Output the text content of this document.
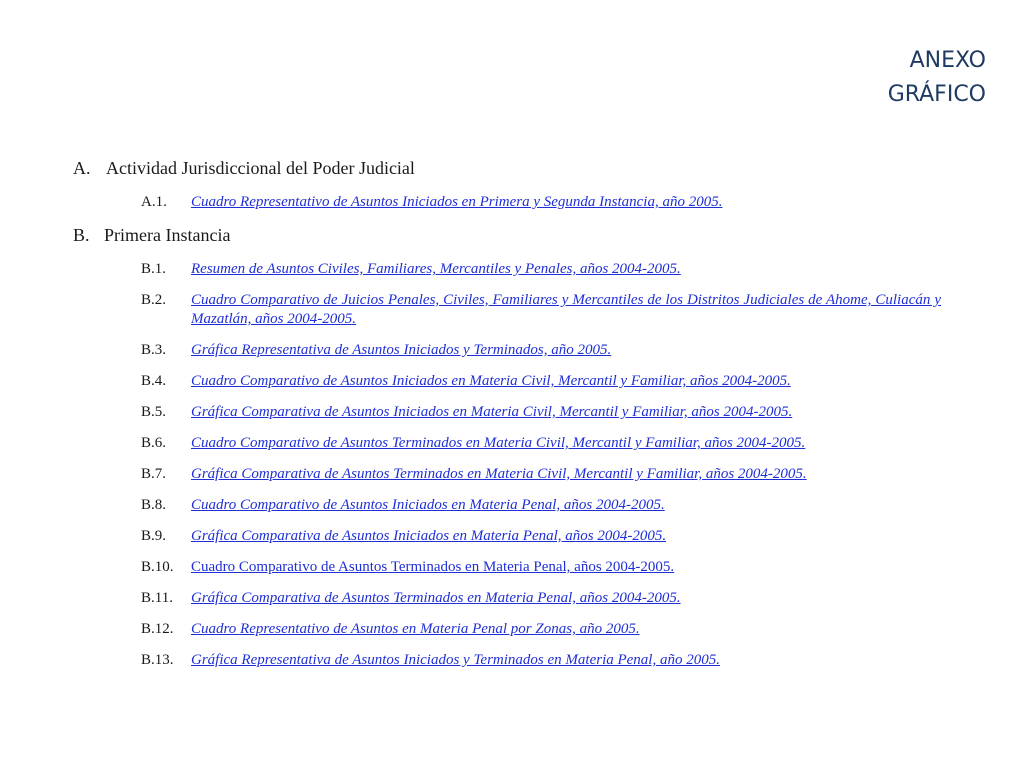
anexo
gráfico
A. Actividad Jurisdiccional del Poder Judicial
A.1.	Cuadro Representativo de Asuntos Iniciados en Primera y Segunda Instancia, año 2005.
B. Primera Instancia
B.1.	Resumen de Asuntos Civiles, Familiares, Mercantiles y Penales, años 2004-2005.
B.2.	Cuadro Comparativo de Juicios Penales, Civiles, Familiares y Mercantiles de los Distritos Judiciales de Ahome, Culiacán y Mazatlán, años 2004-2005.
B.3.	Gráfica Representativa de Asuntos Iniciados y Terminados, año 2005.
B.4.	Cuadro Comparativo de Asuntos Iniciados en Materia Civil, Mercantil y Familiar, años 2004-2005.
B.5.	Gráfica Comparativa de Asuntos Iniciados en Materia Civil, Mercantil y Familiar, años 2004-2005.
B.6.	Cuadro Comparativo de Asuntos Terminados en Materia Civil, Mercantil y Familiar, años 2004-2005.
B.7.	Gráfica Comparativa de Asuntos Terminados en Materia Civil, Mercantil y Familiar, años 2004-2005.
B.8.	Cuadro Comparativo de Asuntos Iniciados en Materia Penal, años 2004-2005.
B.9.	Gráfica Comparativa de Asuntos Iniciados en Materia Penal, años 2004-2005.
B.10.	Cuadro Comparativo de Asuntos Terminados en Materia Penal, años 2004-2005.
B.11.	Gráfica Comparativa de Asuntos Terminados en Materia Penal, años 2004-2005.
B.12.	Cuadro Representativo de Asuntos en Materia Penal por Zonas, año 2005.
B.13.	Gráfica Representativa de Asuntos Iniciados y Terminados en Materia Penal, año 2005.
